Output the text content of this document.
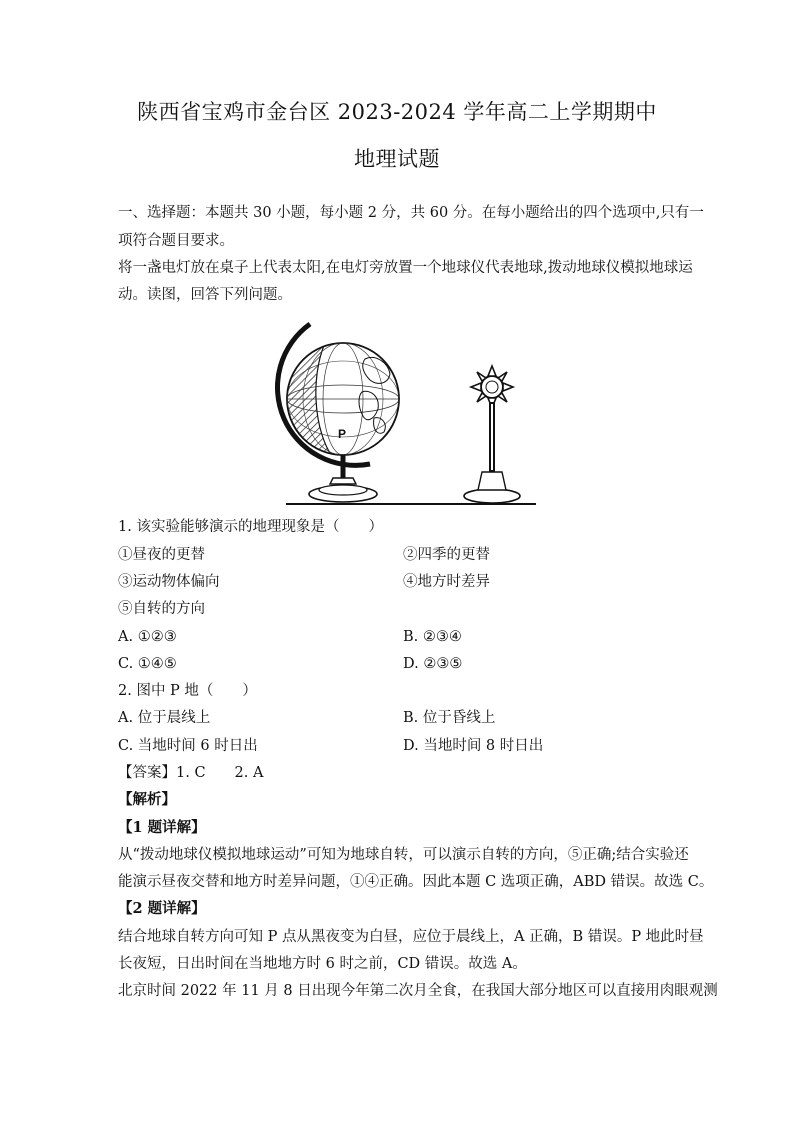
陕西省宝鸡市金台区 2023-2024 学年高二上学期期中
地理试题
一、选择题：本题共 30 小题，每小题 2 分，共 60 分。在每小题给出的四个选项中,只有一
项符合题目要求。
将一盏电灯放在桌子上代表太阳,在电灯旁放置一个地球仪代表地球,拨动地球仪模拟地球运
动。读图，回答下列问题。
P
1. 该实验能够演示的地理现象是（　　）
①昼夜的更替	②四季的更替
③运动物体偏向	④地方时差异
⑤自转的方向
A. ①②③	B. ②③④
C. ①④⑤	D. ②③⑤
2. 图中 P 地（　　）
A. 位于晨线上	B. 位于昏线上
C. 当地时间 6 时日出	D. 当地时间 8 时日出
【答案】1. C　　2. A
【解析】
【1 题详解】
从“拨动地球仪模拟地球运动”可知为地球自转，可以演示自转的方向，⑤正确;结合实验还
能演示昼夜交替和地方时差异问题，①④正确。因此本题 C 选项正确，ABD 错误。故选 C。
【2 题详解】
结合地球自转方向可知 P 点从黑夜变为白昼，应位于晨线上，A 正确，B 错误。P 地此时昼
长夜短，日出时间在当地地方时 6 时之前，CD 错误。故选 A。
北京时间 2022 年 11 月 8 日出现今年第二次月全食，在我国大部分地区可以直接用肉眼观测
